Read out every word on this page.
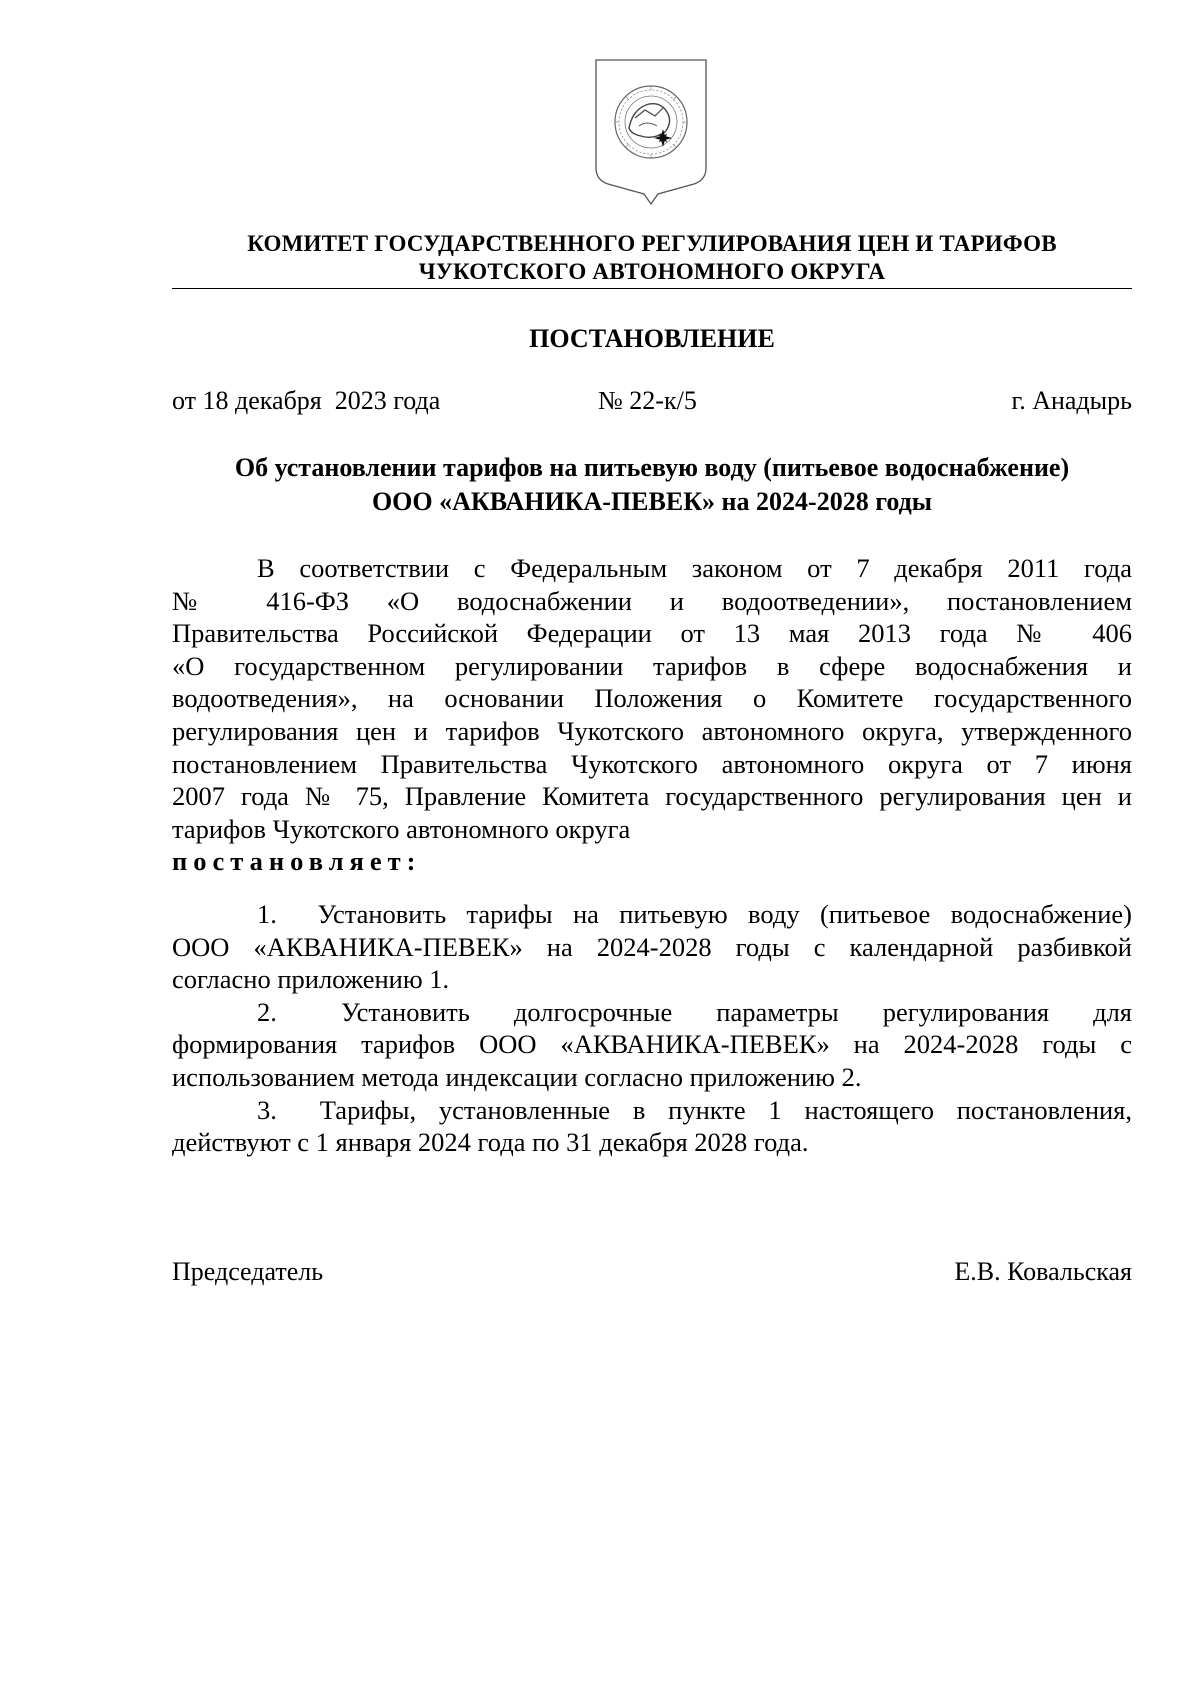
КОМИТЕТ ГОСУДАРСТВЕННОГО РЕГУЛИРОВАНИЯ ЦЕН И ТАРИФОВ
ЧУКОТСКОГО АВТОНОМНОГО ОКРУГА
ПОСТАНОВЛЕНИЕ
от 18 декабря  2023 года	№ 22-к/5	г. Анадырь
Об установлении тарифов на питьевую воду (питьевое водоснабжение)
ООО «АКВАНИКА-ПЕВЕК» на 2024-2028 годы
В соответствии с Федеральным законом от 7 декабря 2011 года
№ 416-ФЗ «О водоснабжении и водоотведении», постановлением
Правительства Российской Федерации от 13 мая 2013 года № 406
«О государственном регулировании тарифов в сфере водоснабжения и
водоотведения», на основании Положения о Комитете государственного
регулирования цен и тарифов Чукотского автономного округа, утвержденного
постановлением Правительства Чукотского автономного округа от 7 июня
2007 года № 75, Правление Комитета государственного регулирования цен и
тарифов Чукотского автономного округа
постановляет:
1. Установить тарифы на питьевую воду (питьевое водоснабжение)
ООО «АКВАНИКА-ПЕВЕК» на 2024-2028 годы с календарной разбивкой
согласно приложению 1.
2. Установить долгосрочные параметры регулирования для
формирования тарифов ООО «АКВАНИКА-ПЕВЕК» на 2024-2028 годы с
использованием метода индексации согласно приложению 2.
3. Тарифы, установленные в пункте 1 настоящего постановления,
действуют с 1 января 2024 года по 31 декабря 2028 года.
Председатель	Е.В. Ковальская
